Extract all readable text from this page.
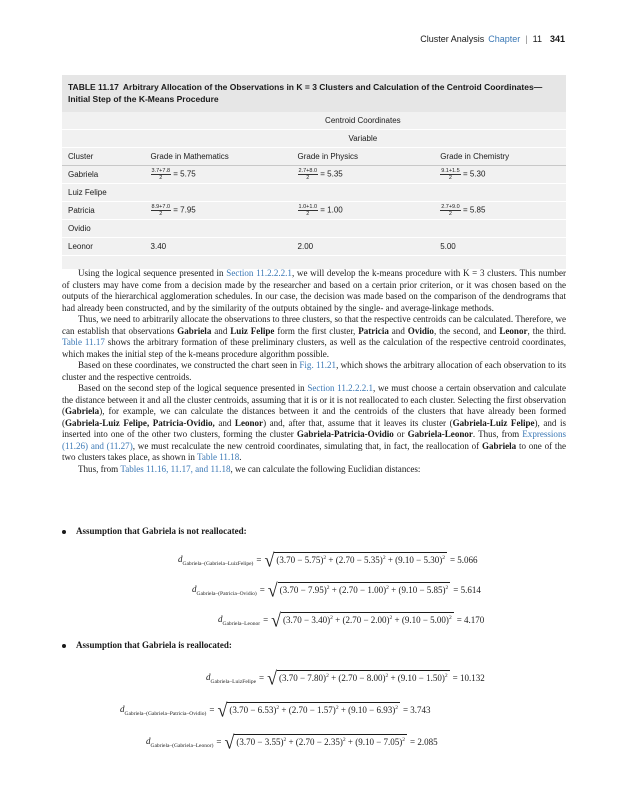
Cluster Analysis Chapter | 11 341
TABLE 11.17 Arbitrary Allocation of the Observations in K = 3 Clusters and Calculation of the Centroid Coordinates—Initial Step of the K-Means Procedure
		Centroid Coordinates	
		Variable	
Cluster	Grade in Mathematics	Grade in Physics	Grade in Chemistry
Gabriela	$\frac{3.7+7.8}{2} = 5.75$	$\frac{2.7+8.0}{2} = 5.35$	$\frac{9.1+1.5}{2} = 5.30$
Luiz Felipe			
Patricia	$\frac{8.9+7.0}{2} = 7.95$	$\frac{1.0+1.0}{2} = 1.00$	$\frac{2.7+9.0}{2} = 5.85$
Ovidio			
Leonor	3.40	2.00	5.00

Using the logical sequence presented in Section 11.2.2.2.1, we will develop the k-means procedure with K = 3 clusters. This number of clusters may have come from a decision made by the researcher and based on a certain prior criterion, or it was chosen based on the outputs of the hierarchical agglomeration schedules. In our case, the decision was made based on the comparison of the dendrograms that had already been constructed, and by the similarity of the outputs obtained by the single- and average-linkage methods.

Thus, we need to arbitrarily allocate the observations to three clusters, so that the respective centroids can be calculated. Therefore, we can establish that observations Gabriela and Luiz Felipe form the first cluster, Patricia and Ovidio, the second, and Leonor, the third. Table 11.17 shows the arbitrary formation of these preliminary clusters, as well as the calculation of the respective centroid coordinates, which makes the initial step of the k-means procedure algorithm possible.

Based on these coordinates, we constructed the chart seen in Fig. 11.21, which shows the arbitrary allocation of each observation to its cluster and the respective centroids.

Based on the second step of the logical sequence presented in Section 11.2.2.2.1, we must choose a certain observation and calculate the distance between it and all the cluster centroids, assuming that it is or it is not reallocated to each cluster. Selecting the first observation (Gabriela), for example, we can calculate the distances between it and the centroids of the clusters that have already been formed (Gabriela-Luiz Felipe, Patricia-Ovidio, and Leonor) and, after that, assume that it leaves its cluster (Gabriela-Luiz Felipe), and is inserted into one of the other two clusters, forming the cluster Gabriela-Patricia-Ovidio or Gabriela-Leonor. Thus, from Expressions (11.26) and (11.27), we must recalculate the new centroid coordinates, simulating that, in fact, the reallocation of Gabriela to one of the two clusters takes place, as shown in Table 11.18.

Thus, from Tables 11.16, 11.17, and 11.18, we can calculate the following Euclidian distances:

Assumption that Gabriela is not reallocated:
$d_{Gabriela-(Gabriela-LuizFelipe)}$ = √ $(3.70 - 5.75)^2 + (2.70 - 5.35)^2 + (9.10 - 5.30)^2 = 5.066$
$d_{Gabriela-(Patricia-Ovidio)}$ = √ $(3.70 - 7.95)^2 + (2.70 - 1.00)^2 + (9.10 - 5.85)^2 = 5.614$
$d_{Gabriela-Leonor}$ = √ $(3.70 - 3.40)^2 + (2.70 - 2.00)^2 + (9.10 - 5.00)^2 = 4.170$
Assumption that Gabriela is reallocated:
$d_{Gabriela-LuizFelipe}$ = √ $(3.70 - 7.80)^2 + (2.70 - 8.00)^2 + (9.10 - 1.50)^2 = 10.132$
$d_{Gabriela-(Gabriela-Patricia-Ovidio)}$ = √ $(3.70 - 6.53)^2 + (2.70 - 1.57)^2 + (9.10 - 6.93)^2 = 3.743$
$d_{Gabriela-(Gabriela-Leonor)}$ = √ $(3.70 - 3.55)^2 + (2.70 - 2.35)^2 + (9.10 - 7.05)^2 = 2.085$
